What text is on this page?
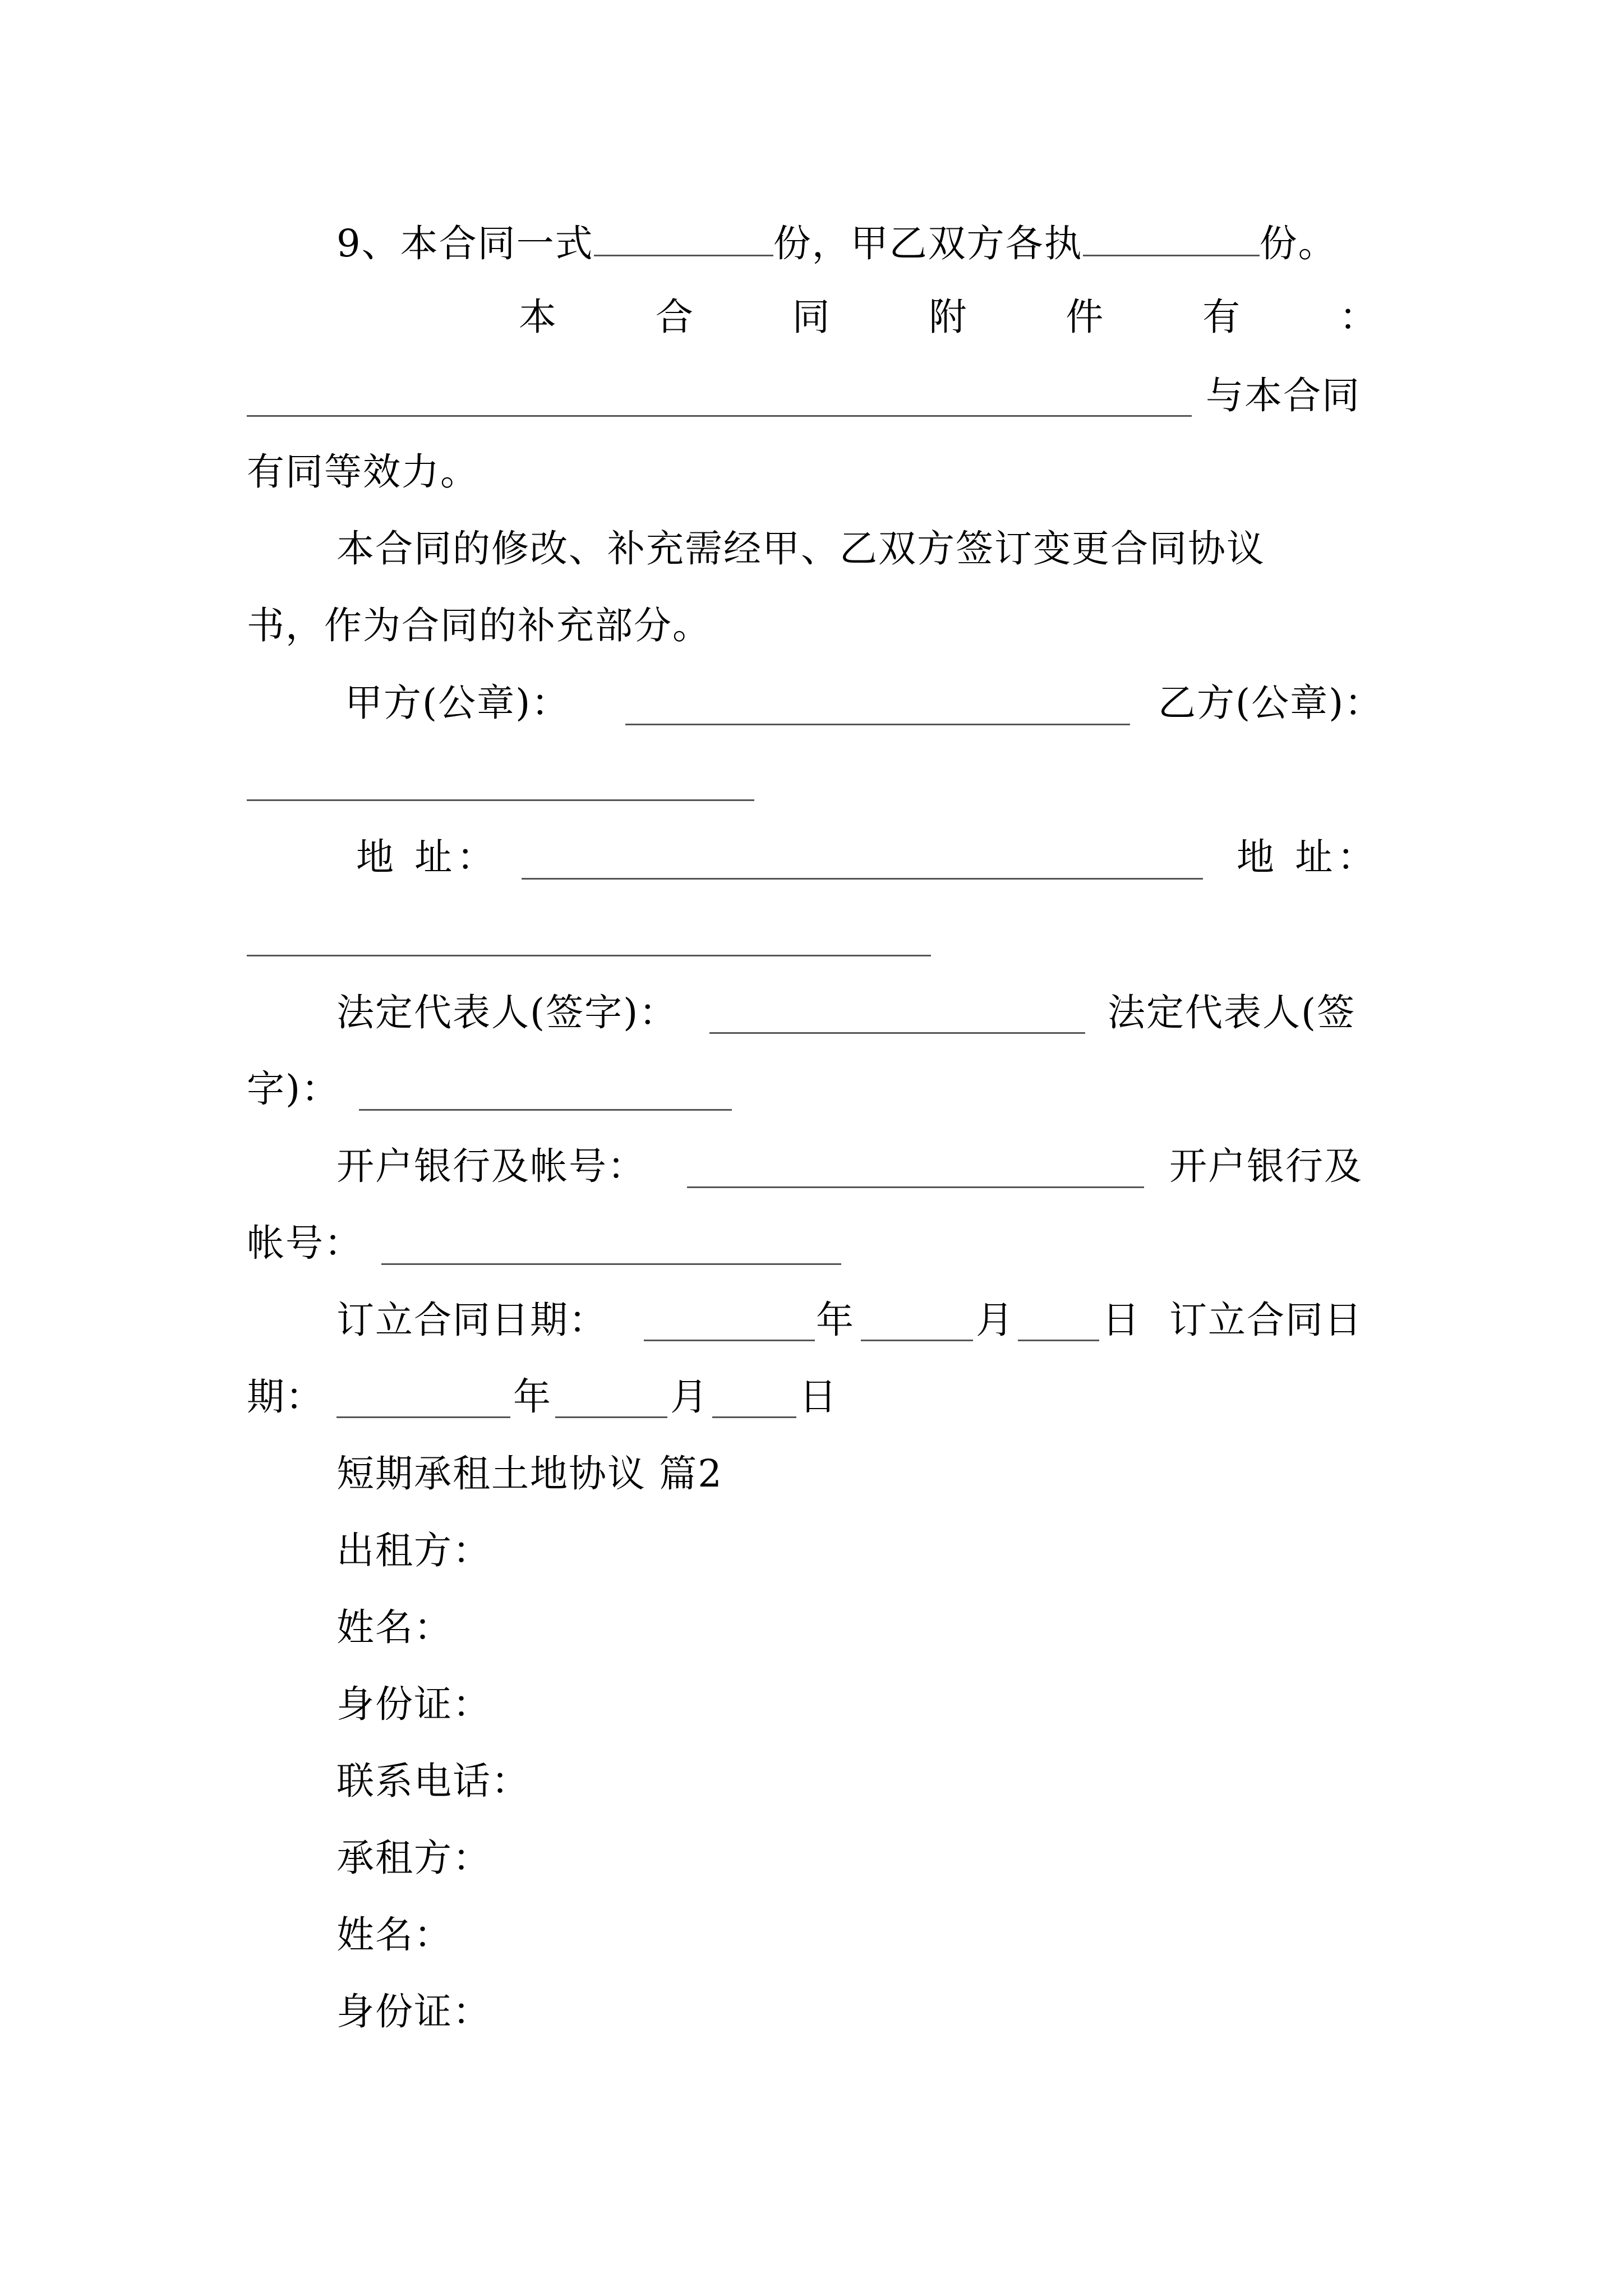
9、本合同一式	份，甲乙双方各执	份。
本	合	同	附	件	有	：
与本合同
有同等效力。
本合同的修改、补充需经甲、乙双方签订变更合同协议
书，作为合同的补充部分。
甲方(公章)：	乙方(公章)：
地 址：	地 址：
法定代表人(签字)：	法定代表人(签
字)：
开户银行及帐号：	开户银行及
帐号：
订立合同日期：	年	月 日 订立合同日
期：	年	月 日
短期承租土地协议 篇2
出租方：
姓名：
身份证：
联系电话：
承租方：
姓名：
身份证：
